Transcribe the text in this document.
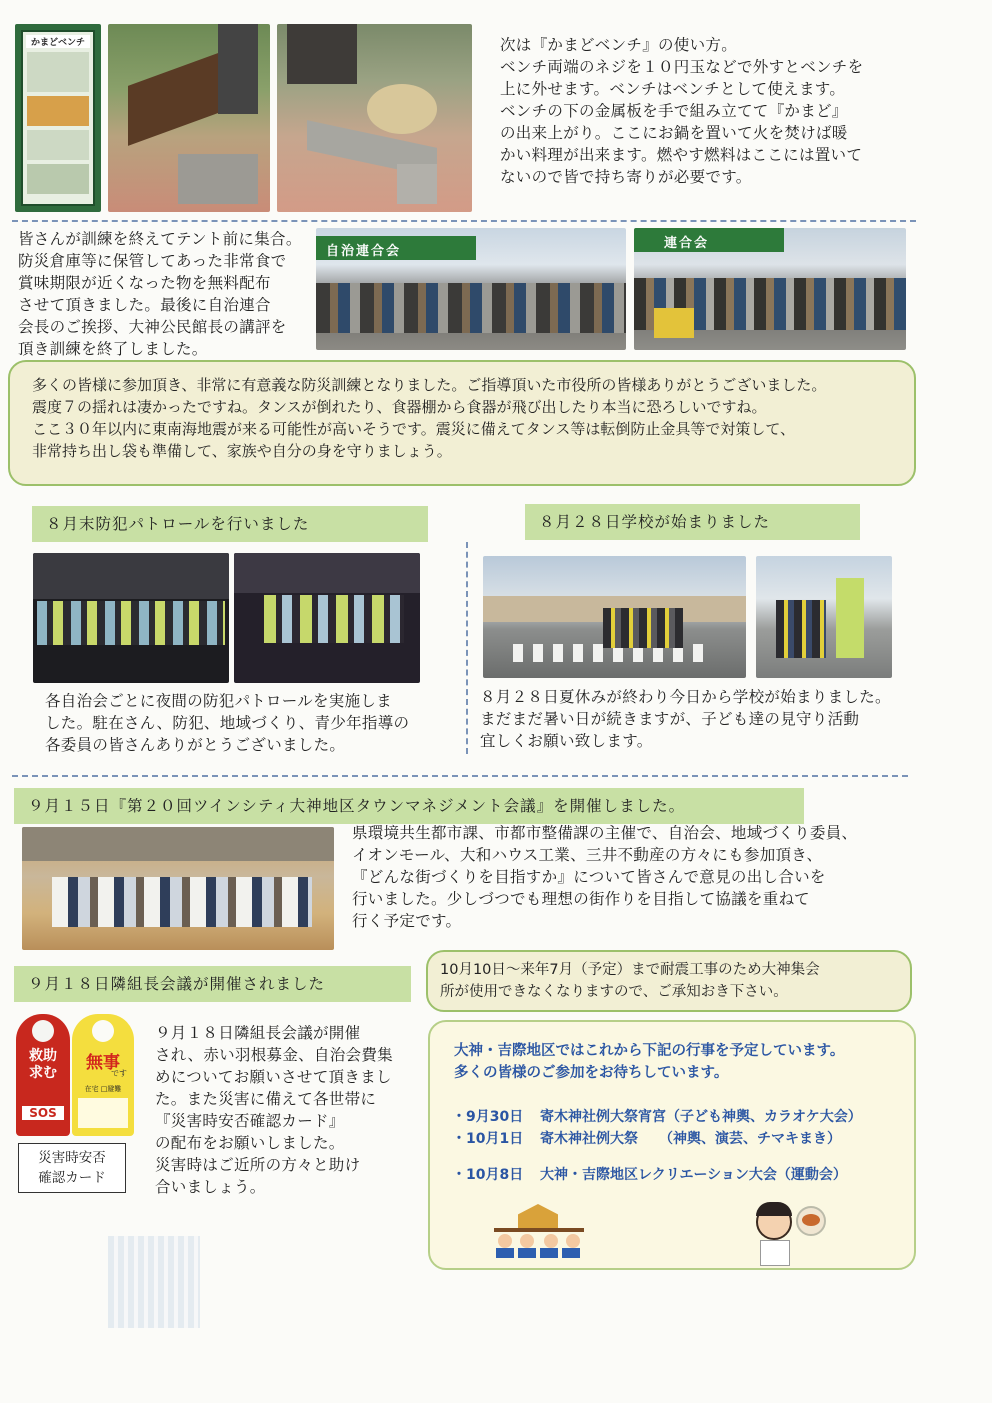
かまどベンチ	次は『かまどベンチ』の使い方。
ベンチ両端のネジを１０円玉などで外すとベンチを
上に外せます。ベンチはベンチとして使えます。
ベンチの下の金属板を手で組み立てて『かまど』
の出来上がり。ここにお鍋を置いて火を焚けば暖
かい料理が出来ます。燃やす燃料はここには置いて
ないので皆で持ち寄りが必要です。
皆さんが訓練を終えてテント前に集合。
防災倉庫等に保管してあった非常食で
賞味期限が近くなった物を無料配布
させて頂きました。最後に自治連合
会長のご挨拶、大神公民館長の講評を
頂き訓練を終了しました。
自治連合会
連合会
多くの皆様に参加頂き、非常に有意義な防災訓練となりました。ご指導頂いた市役所の皆様ありがとうございました。
震度７の揺れは凄かったですね。タンスが倒れたり、食器棚から食器が飛び出したり本当に恐ろしいですね。
ここ３０年以内に東南海地震が来る可能性が高いそうです。震災に備えてタンス等は転倒防止金具等で対策して、
非常持ち出し袋も準備して、家族や自分の身を守りましょう。
８月末防犯パトロールを行いました	８月２８日学校が始まりました
各自治会ごとに夜間の防犯パトロールを実施しま
した。駐在さん、防犯、地域づくり、青少年指導の
各委員の皆さんありがとうございました。
８月２８日夏休みが終わり今日から学校が始まりました。
まだまだ暑い日が続きますが、子ども達の見守り活動
宜しくお願い致します。
９月１５日『第２０回ツインシティ大神地区タウンマネジメント会議』を開催しました。
県環境共生都市課、市都市整備課の主催で、自治会、地域づくり委員、
イオンモール、大和ハウス工業、三井不動産の方々にも参加頂き、
『どんな街づくりを目指すか』について皆さんで意見の出し合いを
行いました。少しづつでも理想の街作りを目指して協議を重ねて
行く予定です。
９月１８日隣組長会議が開催されました
救助
求む
SOS
無事
です
在宅 □避難
災害時安否
確認カード
９月１８日隣組長会議が開催
され、赤い羽根募金、自治会費集
めについてお願いさせて頂きまし
た。また災害に備えて各世帯に
『災害時安否確認カード』
の配布をお願いしました。
災害時はご近所の方々と助け
合いましょう。
10月10日～来年7月（予定）まで耐震工事のため大神集会
所が使用できなくなりますので、ご承知おき下さい。

大神・吉際地区ではこれから下記の行事を予定しています。
多くの皆様のご参加をお待ちしています。

・9月30日 寄木神社例大祭宵宮（子ども神輿、カラオケ大会）
・10月1日 寄木神社例大祭　　（神輿、演芸、チマキまき）
・10月8日 大神・吉際地区レクリエーション大会（運動会）
